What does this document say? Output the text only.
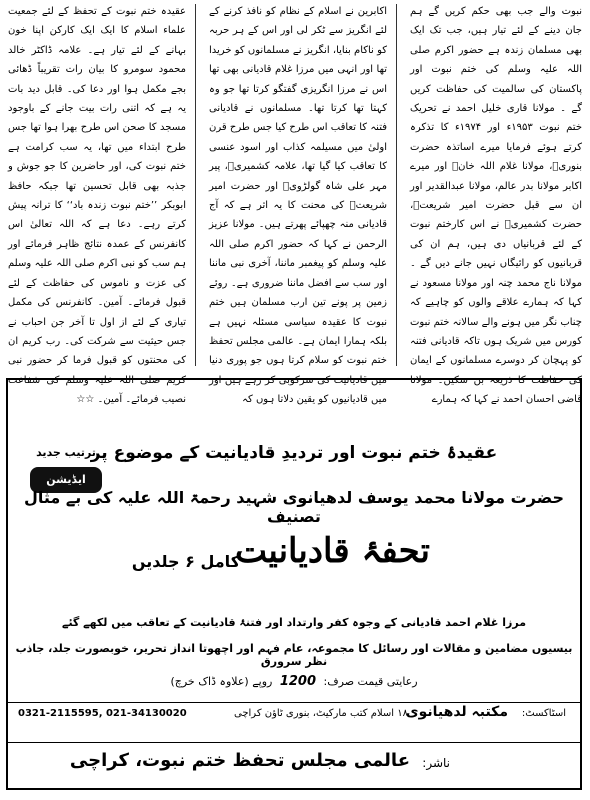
نبوت والے جب بھی حکم کریں گے ہم جان دینے کے لئے تیار ہیں، جب تک ایک بھی مسلمان زندہ ہے حضور اکرم صلی اللہ علیہ وسلم کی ختم نبوت اور پاکستان کی سالمیت کی حفاظت کریں گے ۔ مولانا قاری خلیل احمد نے تحریک ختم نبوت ۱۹۵۳ء اور ۱۹۷۴ء کا تذکرہ کرتے ہوئے فرمایا میرے اساتذہ حضرت بنوریؒ، مولانا غلام اللہ خانؒ اور میرے اکابر مولانا بدر عالم، مولانا عبدالقدیر اور ان سے قبل حضرت امیر شریعتؒ، حضرت کشمیریؒ نے اس کارختم نبوت کے لئے قربانیاں دی ہیں، ہم ان کی قربانیوں کو رائیگاں نہیں جانے دیں گے ۔ مولانا ناج محمد چنہ اور مولانا مسعود نے کہا کہ ہمارے علاقے والوں کو چاہیے کہ چناب نگر میں ہونے والے سالانہ ختم نبوت کورس میں شریک ہوں تاکہ قادیانی فتنہ کو پہچان کر دوسرے مسلمانوں کے ایمان کی حفاظت کا ذریعہ بن سکیں۔ مولانا قاضی احسان احمد نے کہا کہ ہمارے
اکابرین نے اسلام کے نظام کو نافذ کرنے کے لئے انگریز سے ٹکر لی اور اس کے ہر حربہ کو ناکام بنایا، انگریز نے مسلمانوں کو خریدا تھا اور انہی میں مرزا غلام قادیانی بھی تھا اس نے مرزا انگریزی گفتگو کرتا تھا جو وہ کہتا تھا کرتا تھا۔ مسلمانوں نے قادیانی فتنہ کا تعاقب اس طرح کیا جس طرح قرن اولیٰ میں مسیلمہ کذاب اور اسود عنسی کا تعاقب کیا گیا تھا، علامہ کشمیریؒ، پیر مہر علی شاہ گولڑویؒ اور حضرت امیر شریعتؒ کی محنت کا یہ اثر ہے کہ آج قادیانی منہ چھپائے پھرتے ہیں۔ مولانا عزیز الرحمن نے کہا کہ حضور اکرم صلی اللہ علیہ وسلم کو پیغمبر ماننا، آخری نبی ماننا اور سب سے افضل ماننا ضروری ہے۔ روئے زمین پر پونے تین ارب مسلمان ہیں ختم نبوت کا عقیدہ سیاسی مسئلہ نہیں ہے بلکہ ہمارا ایمان ہے۔ عالمی مجلس تحفظ ختم نبوت کو سلام کرتا ہوں جو پوری دنیا میں قادیانیت کی سرکوبی کر رہے ہیں اور میں قادیانیوں کو یقین دلاتا ہوں کہ
عقیدہ ختم نبوت کے تحفظ کے لئے جمعیت علماء اسلام کا ایک ایک کارکن اپنا خون بہانے کے لئے تیار ہے۔ علامہ ڈاکٹر خالد محمود سومرو کا بیان رات تقریباً ڈھائی بجے مکمل ہوا اور دعا کی۔ قابل دید بات یہ ہے کہ اتنی رات بیت جانے کے باوجود مسجد کا صحن اس طرح بھرا ہوا تھا جس طرح ابتداء میں تھا، یہ سب کرامت ہے ختم نبوت کی، اور حاضرین کا جو جوش و جذبہ بھی قابل تحسین تھا جبکہ حافظ ابوبکر ’’ختم نبوت زندہ باد‘‘ کا ترانہ پیش کرتے رہے۔ دعا ہے کہ اللہ تعالیٰ اس کانفرنس کے عمدہ نتائج ظاہر فرمائے اور ہم سب کو نبی اکرم صلی اللہ علیہ وسلم کی عزت و ناموس کی حفاظت کے لئے قبول فرمائے۔ آمین۔ کانفرنس کی مکمل تیاری کے لئے از اول تا آخر جن احباب نے جس حیثیت سے شرکت کی۔ رب کریم ان کی محنتوں کو قبول فرما کر حضور نبی کریم صلی اللہ علیہ وسلم کی شفاعت نصیب فرمائے۔ آمین۔ ☆☆
ترتیب جدید
ایڈیشن
عقیدۂ ختم نبوت اور تردیدِ قادیانیت کے موضوع پر
حضرت مولانا محمد یوسف لدھیانوی شہید رحمۃ اللہ علیہ کی بے مثال تصنیف
تحفۂ قادیانیت
کامل ۶ جلدیں
مرزا غلام احمد قادیانی کے وجوہ کفر وارتداد اور فتنۂ قادیانیت کے تعاقب میں لکھے گئے
بیسیوں مضامین و مقالات اور رسائل کا مجموعہ، عام فہم اور اچھوتا انداز تحریر، خوبصورت جلد، جاذب نظر سرورق
رعایتی قیمت صرف: 1200 روپے (علاوہ ڈاک خرچ)
اسٹاکسٹ:
مکتبہ لدھیانوی
۱۸ اسلام کتب مارکیٹ، بنوری ٹاؤن کراچی
0321-2115595, 021-34130020
ناشر:
عالمی مجلس تحفظ ختم نبوت، کراچی
